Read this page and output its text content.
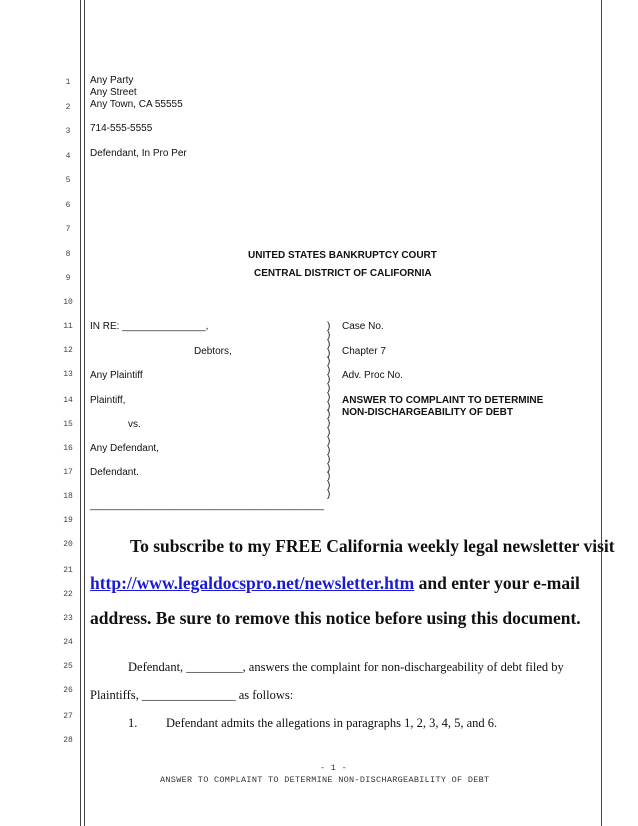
1
2
3
4
5
6
7
8
9
10
11
12
13
14
15
16
17
18
19
20
21
22
23
24
25
26
27
28
Any Party
Any Street
Any Town, CA 55555
714-555-5555
Defendant, In Pro Per
UNITED STATES BANKRUPTCY COURT
CENTRAL DISTRICT OF CALIFORNIA
IN RE: _______________,
Debtors,
Any Plaintiff
Plaintiff,
vs.
Any Defendant,
Defendant.
_________________________________________
)
)
)
)
)
)
)
)
)
)
)
)
)
)
)
)
)
)
)
)
Case No.
Chapter 7
Adv. Proc No.
ANSWER TO COMPLAINT TO DETERMINE
NON-DISCHARGEABILITY OF DEBT
To subscribe to my FREE California weekly legal newsletter visit
http://www.legaldocspro.net/newsletter.htm and enter your e-mail
address. Be sure to remove this notice before using this document.
Defendant, _________, answers the complaint for non-dischargeability of debt filed by
Plaintiffs, _______________ as follows:
1. Defendant admits the allegations in paragraphs 1, 2, 3, 4, 5, and 6.
- 1 -
ANSWER TO COMPLAINT TO DETERMINE NON-DISCHARGEABILITY OF DEBT
